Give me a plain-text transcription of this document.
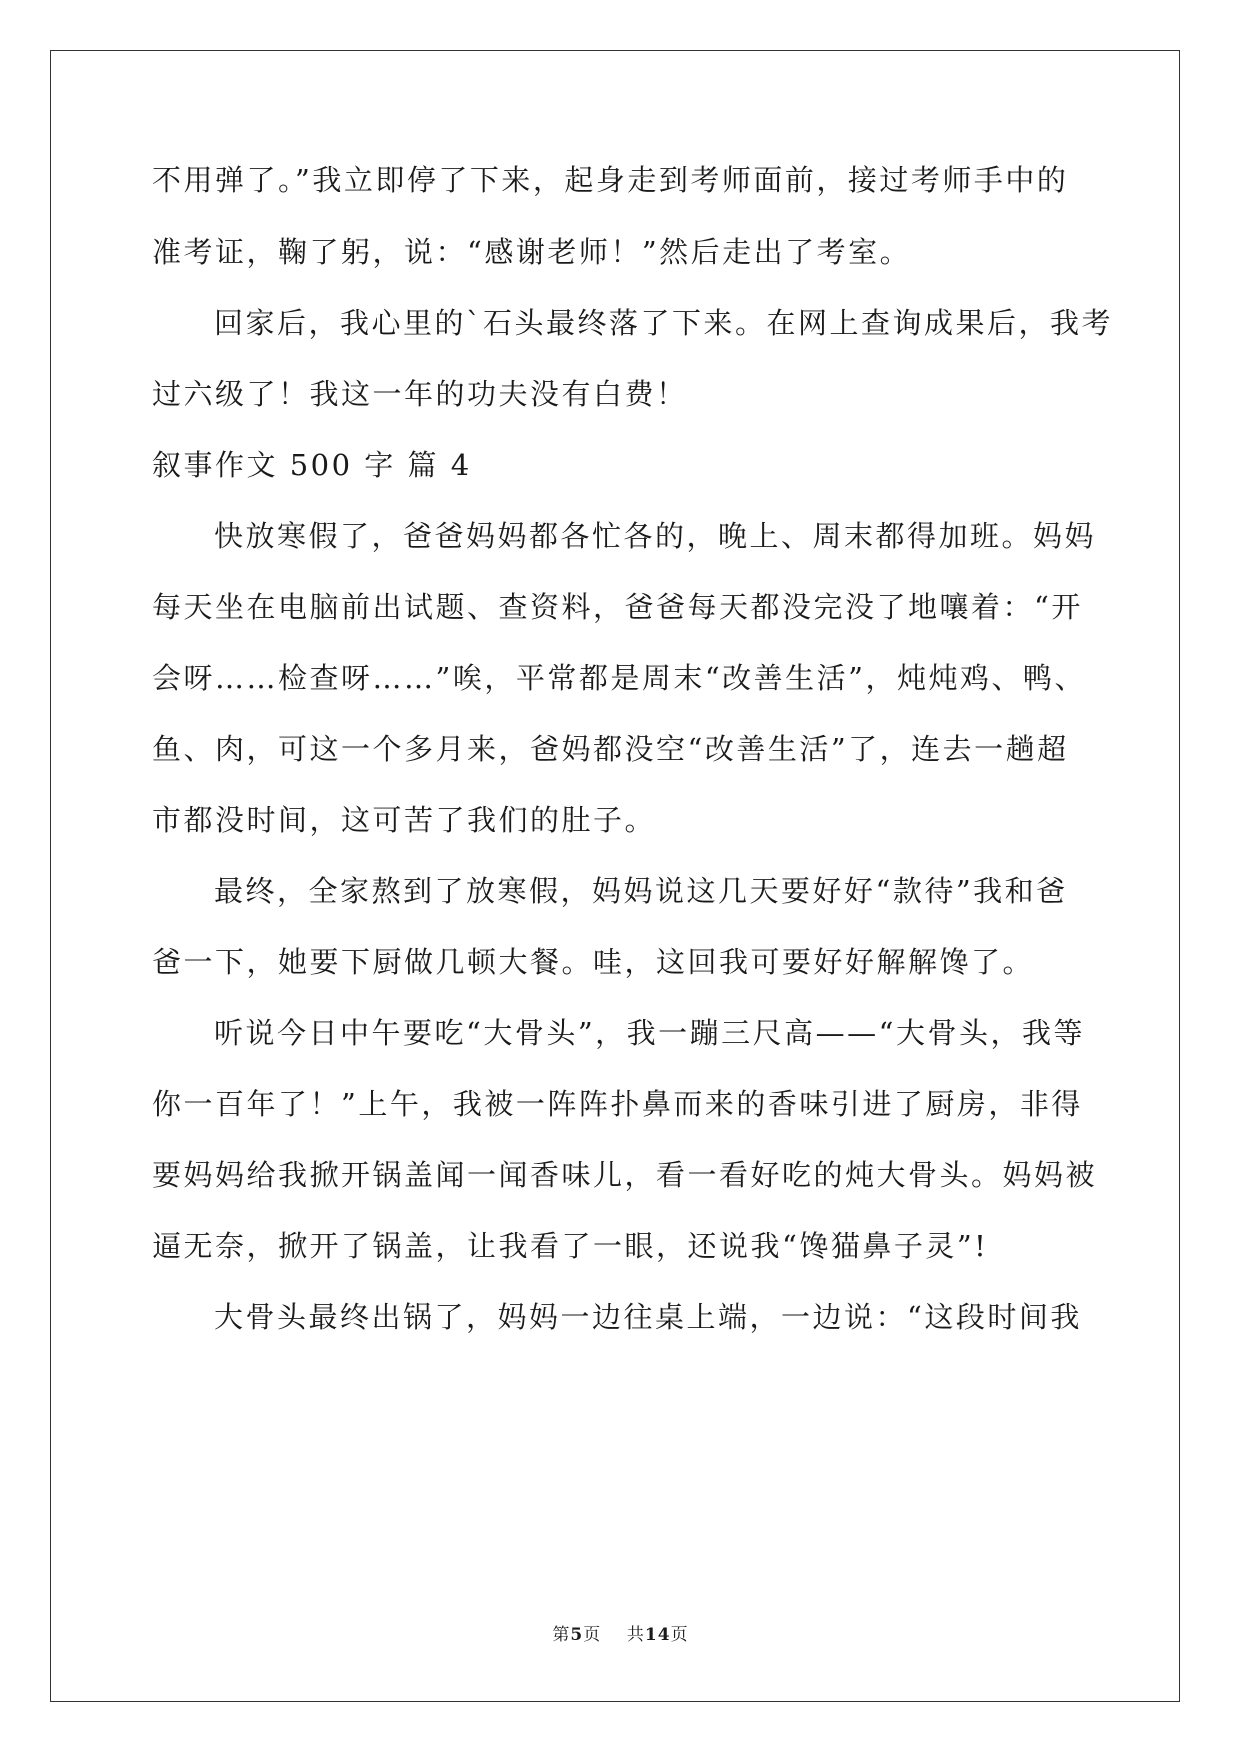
不用弹了。”我立即停了下来，起身走到考师面前，接过考师手中的
准考证，鞠了躬，说：“感谢老师！”然后走出了考室。
回家后，我心里的`石头最终落了下来。在网上查询成果后，我考
过六级了！我这一年的功夫没有白费！
叙事作文 500 字 篇 4
快放寒假了，爸爸妈妈都各忙各的，晚上、周末都得加班。妈妈
每天坐在电脑前出试题、查资料，爸爸每天都没完没了地嚷着：“开
会呀……检查呀……”唉，平常都是周末“改善生活”，炖炖鸡、鸭、
鱼、肉，可这一个多月来，爸妈都没空“改善生活”了，连去一趟超
市都没时间，这可苦了我们的肚子。
最终，全家熬到了放寒假，妈妈说这几天要好好“款待”我和爸
爸一下，她要下厨做几顿大餐。哇，这回我可要好好解解馋了。
听说今日中午要吃“大骨头”，我一蹦三尺高——“大骨头，我等
你一百年了！”上午，我被一阵阵扑鼻而来的香味引进了厨房，非得
要妈妈给我掀开锅盖闻一闻香味儿，看一看好吃的炖大骨头。妈妈被
逼无奈，掀开了锅盖，让我看了一眼，还说我“馋猫鼻子灵”!
大骨头最终出锅了，妈妈一边往桌上端，一边说：“这段时间我
第5页 共14页
